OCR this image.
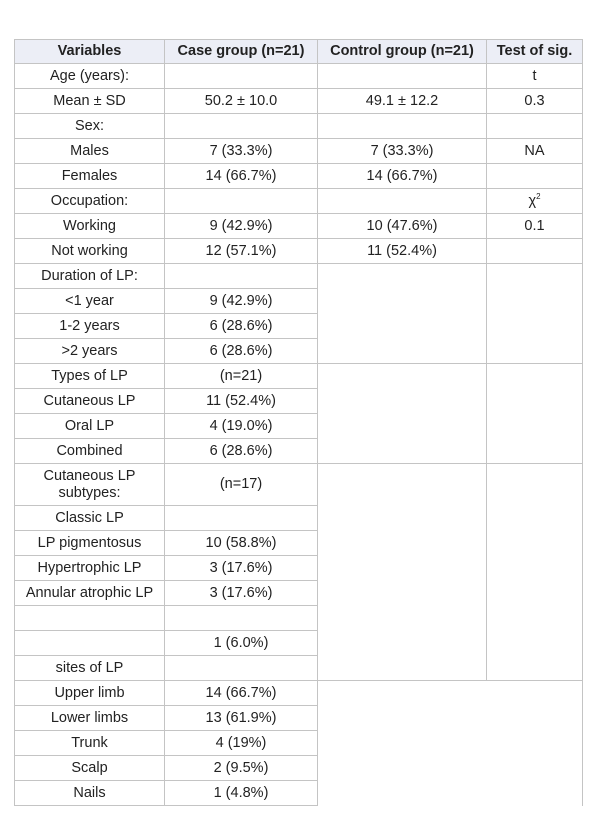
Variables	Case group (n=21)	Control group (n=21)	Test of sig.	
Age (years):			t	
Mean ± SD	50.2 ± 10.0	49.1 ± 12.2	0.3	
Sex:				
Males	7 (33.3%)	7 (33.3%)	NA	
Females	14 (66.7%)	14 (66.7%)		
Occupation:			$\chi^2$
Working	9 (42.9%)	10 (47.6%)	0.1	
Not working	12 (57.1%)	11 (52.4%)		
Duration of LP:				
<1 year	9 (42.9%)			
1-2 years	6 (28.6%)			
>2 years	6 (28.6%)			
Types of LP	(n=21)			
Cutaneous LP	11 (52.4%)			
Oral LP	4 (19.0%)			
Combined	6 (28.6%)			
Cutaneous LP subtypes:	(n=17)			
Classic LP				
LP pigmentosus	10 (58.8%)			
Hypertrophic LP	3 (17.6%)			
Annular atrophic LP	3 (17.6%)			

	1 (6.0%)			
sites of LP				
Upper limb	14 (66.7%)			
Lower limbs	13 (61.9%)			
Trunk	4 (19%)			
Scalp	2 (9.5%)			
Nails	1 (4.8%)			
